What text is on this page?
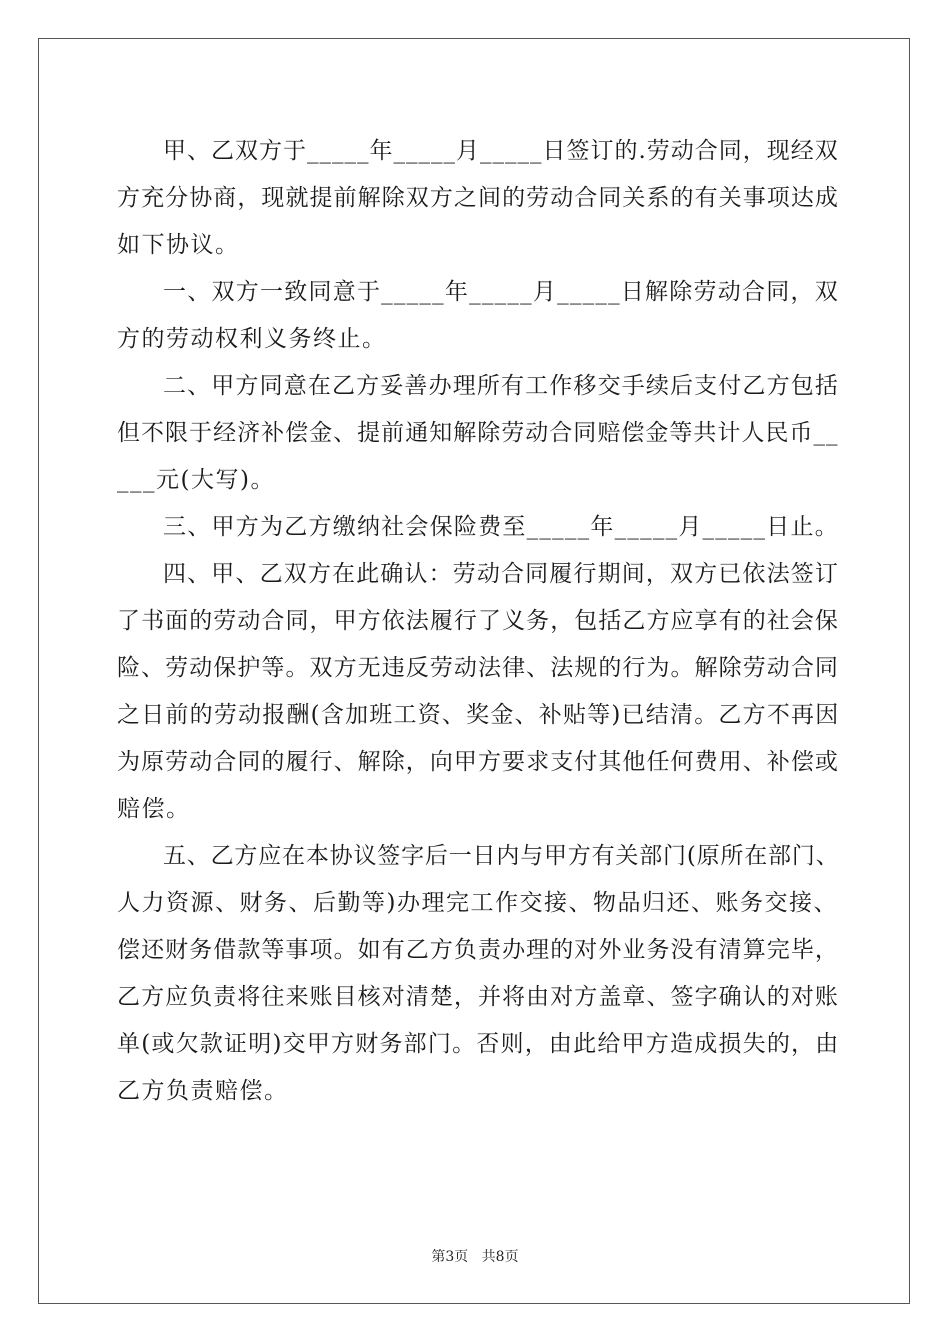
甲、乙双方于_____年_____月_____日签订的.劳动合同，现经双
方充分协商，现就提前解除双方之间的劳动合同关系的有关事项达成
如下协议。

一、双方一致同意于_____年_____月_____日解除劳动合同，双
方的劳动权利义务终止。

二、甲方同意在乙方妥善办理所有工作移交手续后支付乙方包括
但不限于经济补偿金、提前通知解除劳动合同赔偿金等共计人民币__
___元(大写)。

三、甲方为乙方缴纳社会保险费至_____年_____月_____日止。

四、甲、乙双方在此确认：劳动合同履行期间，双方已依法签订
了书面的劳动合同，甲方依法履行了义务，包括乙方应享有的社会保
险、劳动保护等。双方无违反劳动法律、法规的行为。解除劳动合同
之日前的劳动报酬(含加班工资、奖金、补贴等)已结清。乙方不再因
为原劳动合同的履行、解除，向甲方要求支付其他任何费用、补偿或
赔偿。

五、乙方应在本协议签字后一日内与甲方有关部门(原所在部门、
人力资源、财务、后勤等)办理完工作交接、物品归还、账务交接、
偿还财务借款等事项。如有乙方负责办理的对外业务没有清算完毕，
乙方应负责将往来账目核对清楚，并将由对方盖章、签字确认的对账
单(或欠款证明)交甲方财务部门。否则，由此给甲方造成损失的，由
乙方负责赔偿。

第3页 共8页
